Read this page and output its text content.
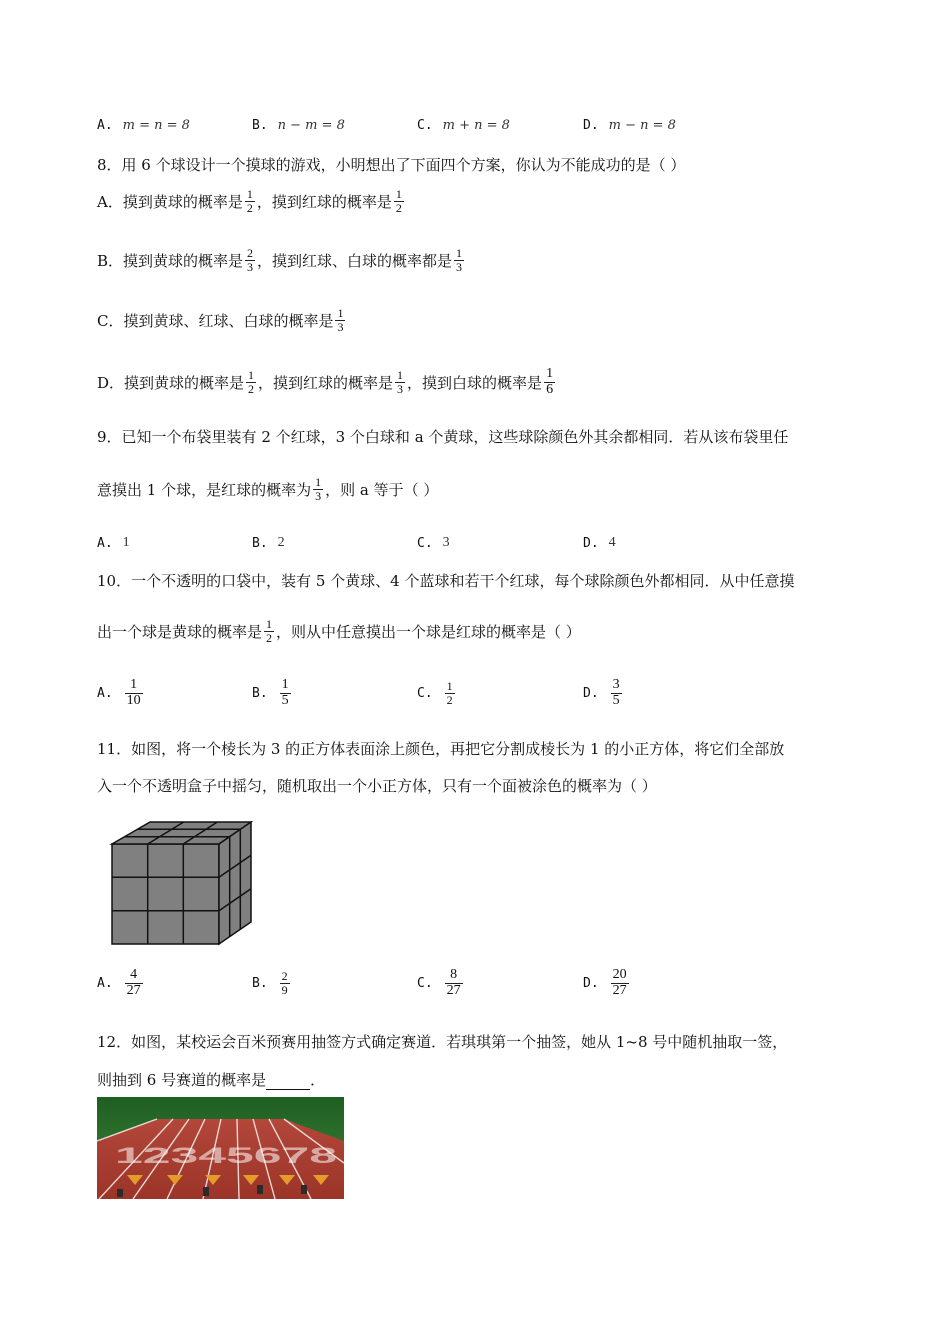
A. m = n = 8	B. n − m = 8	C. m + n = 8	D. m − n = 8
8．用 6 个球设计一个摸球的游戏，小明想出了下面四个方案，你认为不能成功的是（ ）
A．摸到黄球的概率是 $\frac{1}{2}$ ，摸到红球的概率是 $\frac{1}{2}$
B．摸到黄球的概率是 $\frac{2}{3}$ ，摸到红球、白球的概率都是 $\frac{1}{3}$
C．摸到黄球、红球、白球的概率是 $\frac{1}{3}$
D．摸到黄球的概率是 $\frac{1}{2}$ ，摸到红球的概率是 $\frac{1}{3}$ ，摸到白球的概率是 $\frac{1}{6}$
9．已知一个布袋里装有 2 个红球，3 个白球和 a 个黄球，这些球除颜色外其余都相同．若从该布袋里任
意摸出 1 个球，是红球的概率为 $\frac{1}{3}$ ，则 a 等于（ ）
A. 1	B. 2	C. 3	D. 4
10．一个不透明的口袋中，装有 5 个黄球、4 个蓝球和若干个红球，每个球除颜色外都相同．从中任意摸
出一个球是黄球的概率是 $\frac{1}{2}$ ，则从中任意摸出一个球是红球的概率是（ ）
A. $\frac{1}{10}$	B. $\frac{1}{5}$	C. $\frac{1}{2}$	D. $\frac{3}{5}$
11．如图，将一个棱长为 3 的正方体表面涂上颜色，再把它分割成棱长为 1 的小正方体，将它们全部放
入一个不透明盒子中摇匀，随机取出一个小正方体，只有一个面被涂色的概率为（ ）
A. $\frac{4}{27}$	B. $\frac{2}{9}$	C. $\frac{8}{27}$	D. $\frac{20}{27}$
12．如图，某校运会百米预赛用抽签方式确定赛道．若琪琪第一个抽签，她从 1~8 号中随机抽取一签，
则抽到 6 号赛道的概率是	．
12345678
